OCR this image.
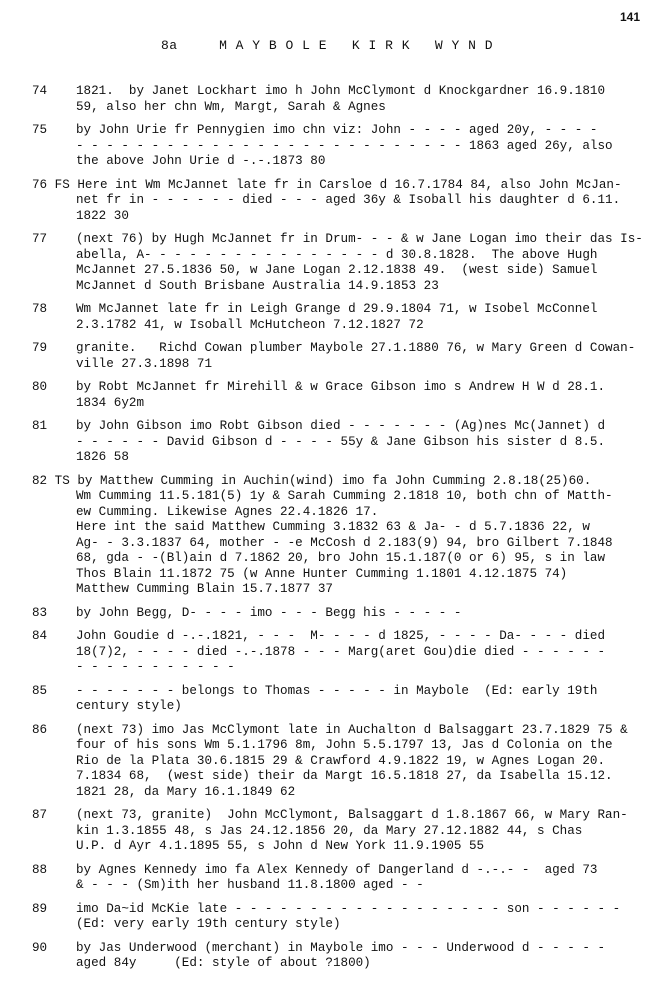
141
8a     M A Y B O L E   K I R K   W Y N D
74	1821.  by Janet Lockhart imo h John McClymont d Knockgardner 16.9.1810
59, also her chn Wm, Margt, Sarah & Agnes
75	by John Urie fr Pennygien imo chn viz: John - - - - aged 20y, - - - -
- - - - - - - - - - - - - - - - - - - - - - - - - - 1863 aged 26y, also
the above John Urie d -.-.1873 80
76 FS Here int Wm McJannet late fr in Carsloe d 16.7.1784 84, also John McJan-
net fr in - - - - - - died - - - aged 36y & Isoball his daughter d 6.11.
1822 30
77	(next 76) by Hugh McJannet fr in Drum- - - & w Jane Logan imo their das Is-
abella, A- - - - - - - - - - - - - - - - d 30.8.1828.  The above Hugh
McJannet 27.5.1836 50, w Jane Logan 2.12.1838 49.  (west side) Samuel
McJannet d South Brisbane Australia 14.9.1853 23
78	Wm McJannet late fr in Leigh Grange d 29.9.1804 71, w Isobel McConnel
2.3.1782 41, w Isoball McHutcheon 7.12.1827 72
79	granite.   Richd Cowan plumber Maybole 27.1.1880 76, w Mary Green d Cowan-
ville 27.3.1898 71
80	by Robt McJannet fr Mirehill & w Grace Gibson imo s Andrew H W d 28.1.
1834 6y2m
81	by John Gibson imo Robt Gibson died - - - - - - - (Ag)nes Mc(Jannet) d
- - - - - - David Gibson d - - - - 55y & Jane Gibson his sister d 8.5.
1826 58
82 TS by Matthew Cumming in Auchin(wind) imo fa John Cumming 2.8.18(25)60.
Wm Cumming 11.5.181(5) 1y & Sarah Cumming 2.1818 10, both chn of Matth-
ew Cumming. Likewise Agnes 22.4.1826 17.
Here int the said Matthew Cumming 3.1832 63 & Ja- - d 5.7.1836 22, w
Ag- - 3.3.1837 64, mother - -e McCosh d 2.183(9) 94, bro Gilbert 7.1848
68, gda - -(Bl)ain d 7.1862 20, bro John 15.1.187(0 or 6) 95, s in law
Thos Blain 11.1872 75 (w Anne Hunter Cumming 1.1801 4.12.1875 74)
Matthew Cumming Blain 15.7.1877 37
83	by John Begg, D- - - - imo - - - Begg his - - - - -
84	John Goudie d -.-.1821, - - -  M- - - - d 1825, - - - - Da- - - - died
18(7)2, - - - - died -.-.1878 - - - Marg(aret Gou)die died - - - - - -
- - - - - - - - - - -
85	- - - - - - - belongs to Thomas - - - - - in Maybole  (Ed: early 19th
century style)
86	(next 73) imo Jas McClymont late in Auchalton d Balsaggart 23.7.1829 75 &
four of his sons Wm 5.1.1796 8m, John 5.5.1797 13, Jas d Colonia on the
Rio de la Plata 30.6.1815 29 & Crawford 4.9.1822 19, w Agnes Logan 20.
7.1834 68,  (west side) their da Margt 16.5.1818 27, da Isabella 15.12.
1821 28, da Mary 16.1.1849 62
87	(next 73, granite)  John McClymont, Balsaggart d 1.8.1867 66, w Mary Ran-
kin 1.3.1855 48, s Jas 24.12.1856 20, da Mary 27.12.1882 44, s Chas
U.P. d Ayr 4.1.1895 55, s John d New York 11.9.1905 55
88	by Agnes Kennedy imo fa Alex Kennedy of Dangerland d -.-.- -  aged 73
& - - - (Sm)ith her husband 11.8.1800 aged - -
89	imo Da~id McKie late - - - - - - - - - - - - - - - - - - son - - - - - -
(Ed: very early 19th century style)
90	by Jas Underwood (merchant) in Maybole imo - - - Underwood d - - - - -
aged 84y     (Ed: style of about ?1800)
